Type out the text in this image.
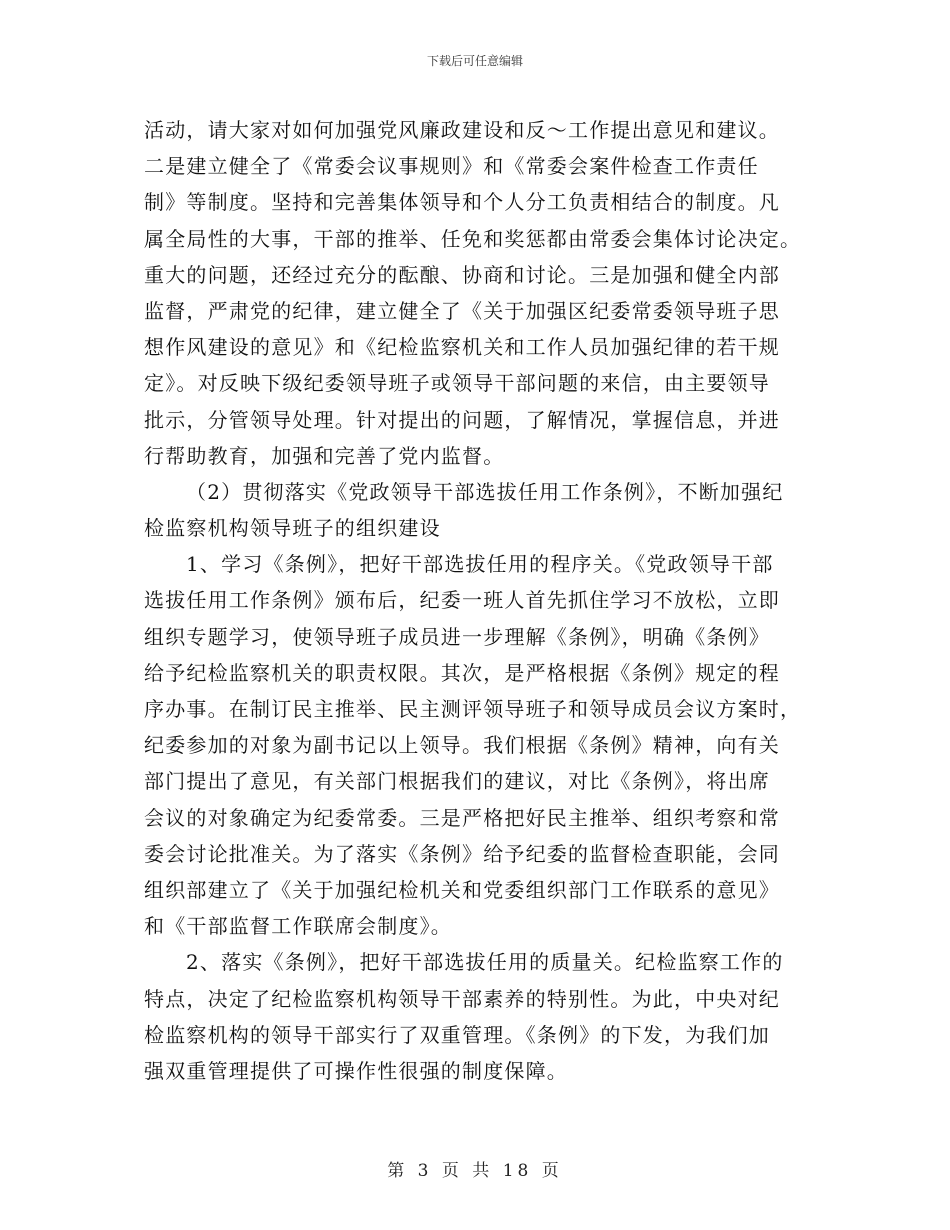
下载后可任意编辑
活动，请大家对如何加强党风廉政建设和反～工作提出意见和建议。
二是建立健全了《常委会议事规则》和《常委会案件检查工作责任
制》等制度。坚持和完善集体领导和个人分工负责相结合的制度。凡
属全局性的大事，干部的推举、任免和奖惩都由常委会集体讨论决定。
重大的问题，还经过充分的酝酿、协商和讨论。三是加强和健全内部
监督，严肃党的纪律，建立健全了《关于加强区纪委常委领导班子思
想作风建设的意见》和《纪检监察机关和工作人员加强纪律的若干规
定》。对反映下级纪委领导班子或领导干部问题的来信，由主要领导
批示，分管领导处理。针对提出的问题，了解情况，掌握信息，并进
行帮助教育，加强和完善了党内监督。
（2）贯彻落实《党政领导干部选拔任用工作条例》，不断加强纪
检监察机构领导班子的组织建设
1、学习《条例》，把好干部选拔任用的程序关。《党政领导干部
选拔任用工作条例》颁布后，纪委一班人首先抓住学习不放松，立即
组织专题学习，使领导班子成员进一步理解《条例》，明确《条例》
给予纪检监察机关的职责权限。其次，是严格根据《条例》规定的程
序办事。在制订民主推举、民主测评领导班子和领导成员会议方案时，
纪委参加的对象为副书记以上领导。我们根据《条例》精神，向有关
部门提出了意见，有关部门根据我们的建议，对比《条例》，将出席
会议的对象确定为纪委常委。三是严格把好民主推举、组织考察和常
委会讨论批准关。为了落实《条例》给予纪委的监督检查职能，会同
组织部建立了《关于加强纪检机关和党委组织部门工作联系的意见》
和《干部监督工作联席会制度》。
2、落实《条例》，把好干部选拔任用的质量关。纪检监察工作的
特点，决定了纪检监察机构领导干部素养的特别性。为此，中央对纪
检监察机构的领导干部实行了双重管理。《条例》的下发，为我们加
强双重管理提供了可操作性很强的制度保障。
第 3 页 共 18 页
